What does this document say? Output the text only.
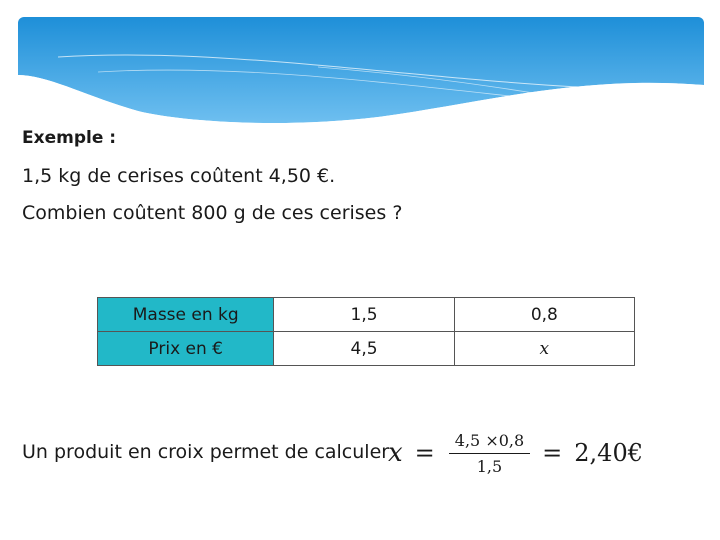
Exemple :
1,5 kg de cerises coûtent 4,50 €.
Combien coûtent 800 g de ces cerises ?
Masse en kg	1,5	0,8
Prix en €	4,5	x
Un produit en croix permet de calculer
$x = \frac{4,5 \times 0,8}{1,5}$ = 2,40€
